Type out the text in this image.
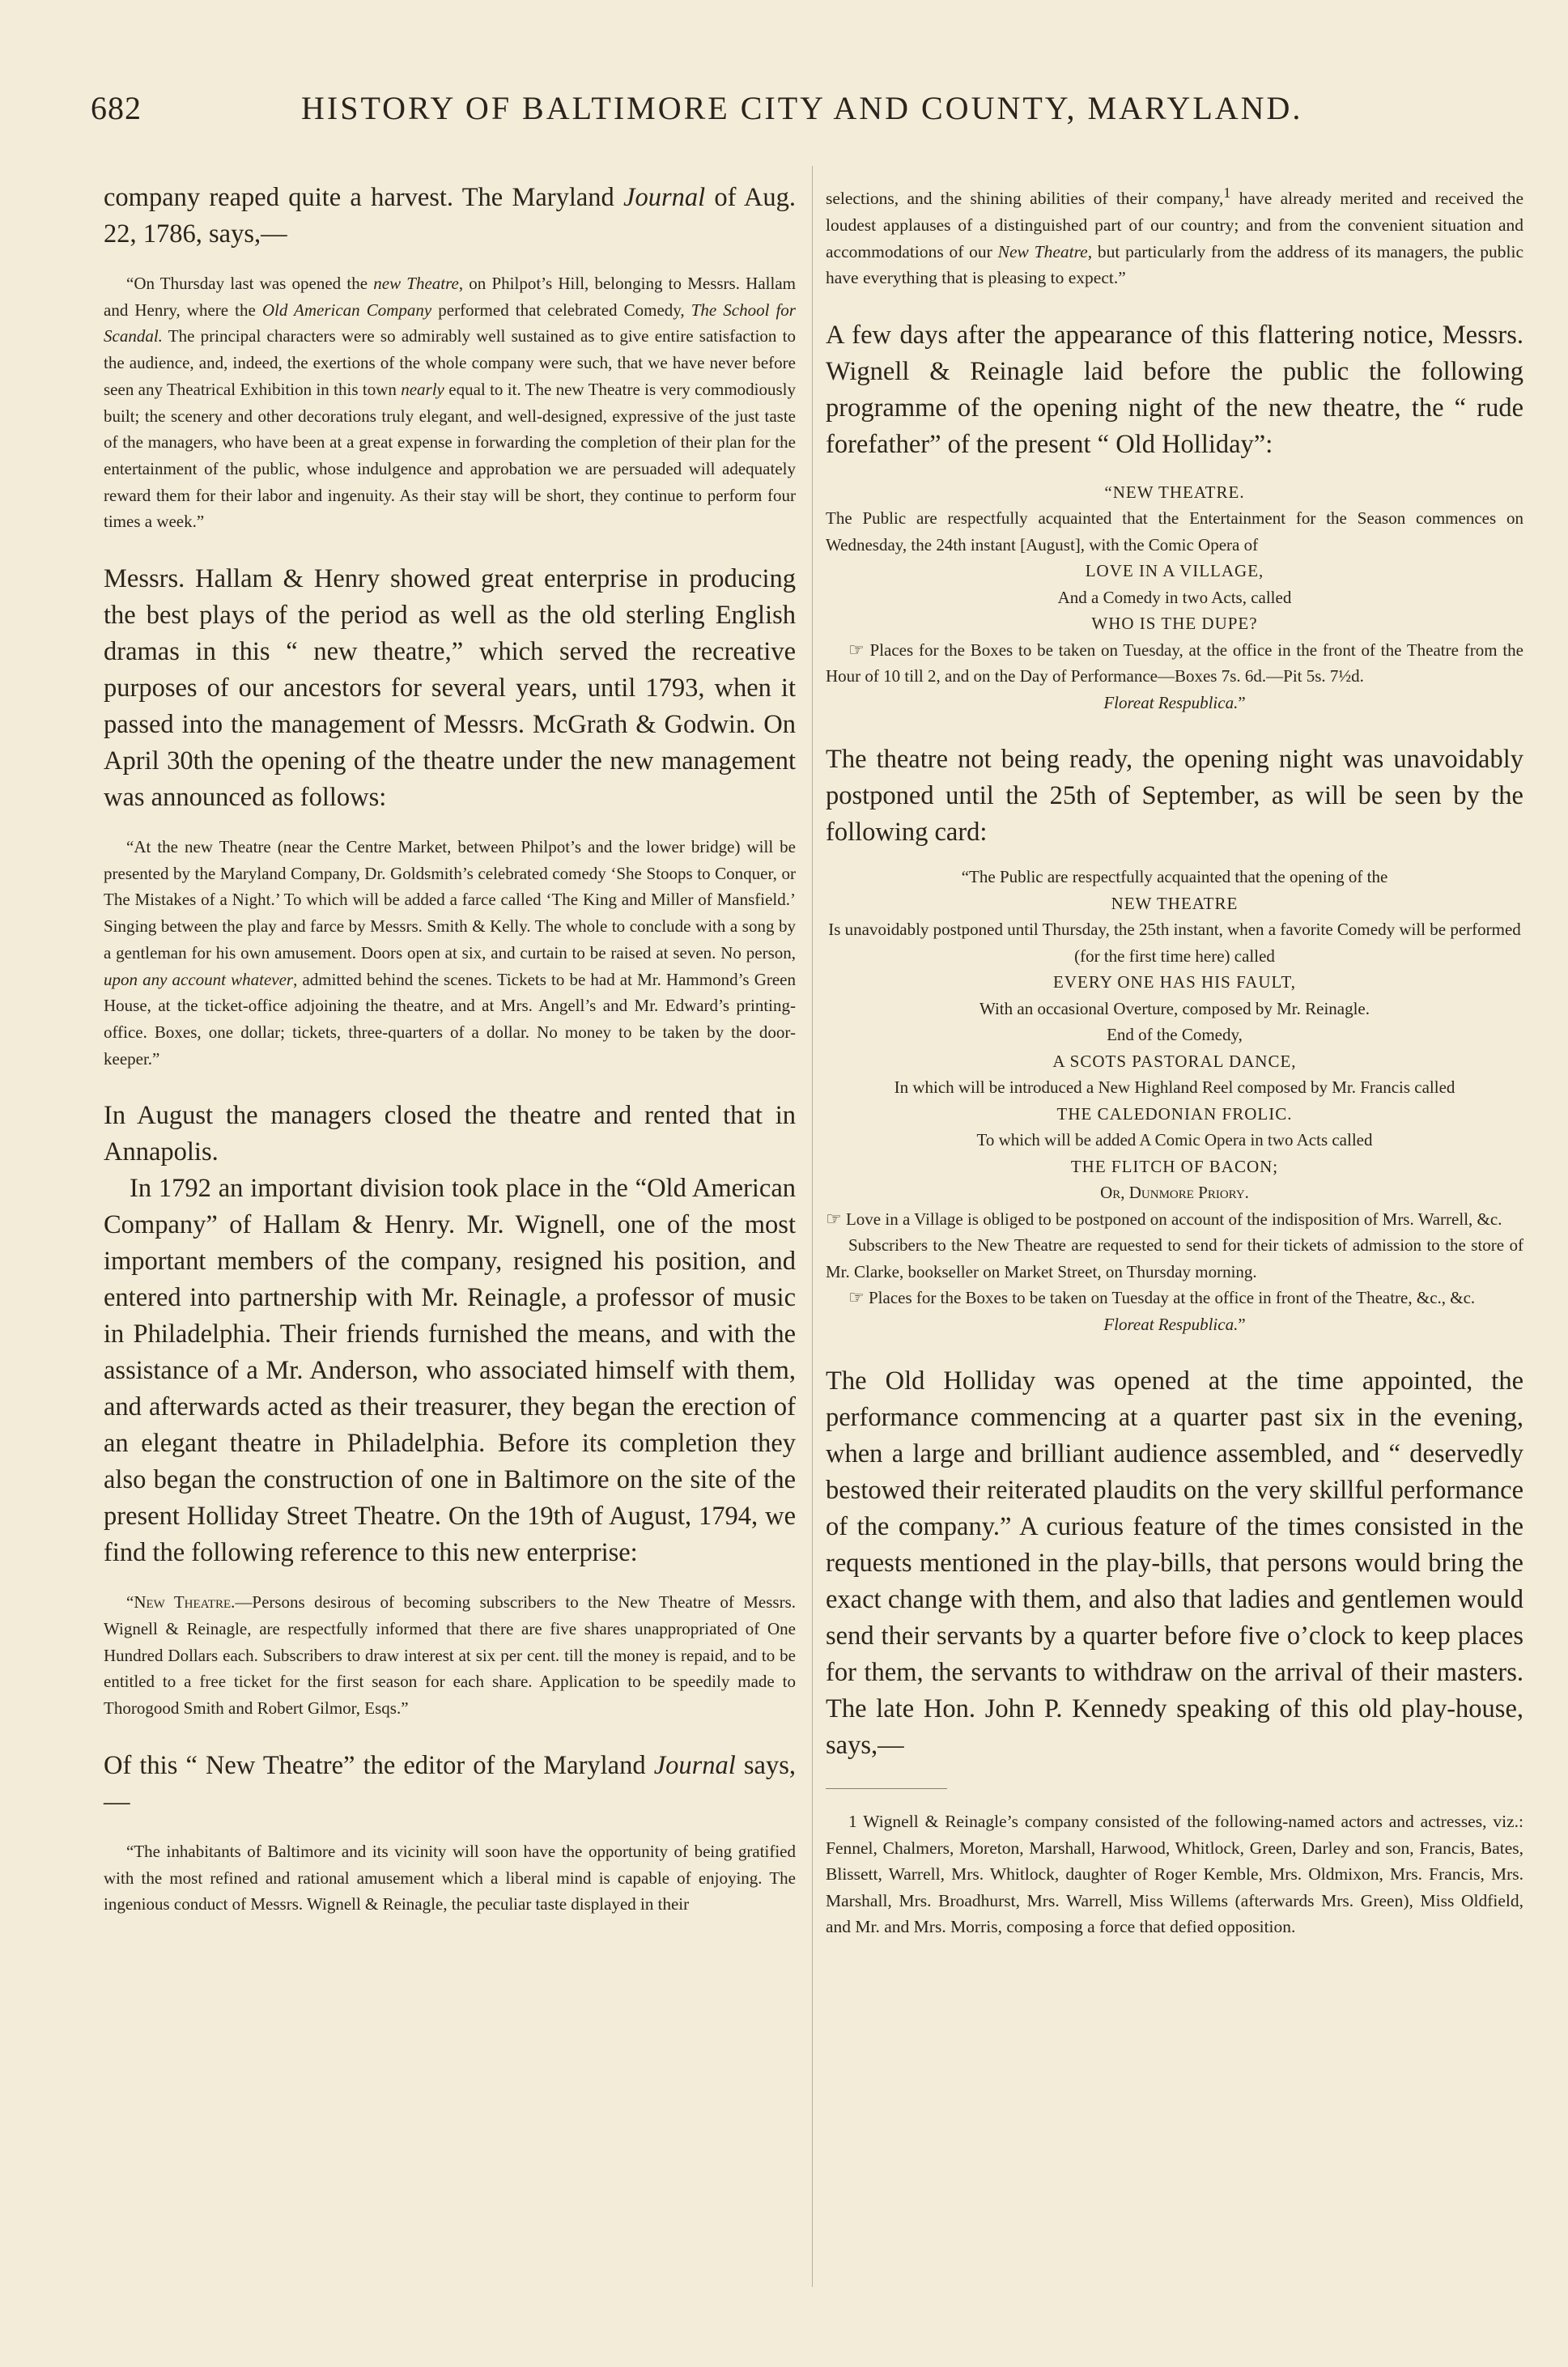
682	HISTORY OF BALTIMORE CITY AND COUNTY, MARYLAND.

company reaped quite a harvest. The Maryland Journal of Aug. 22, 1786, says,—

“On Thursday last was opened the new Theatre, on Philpot’s Hill, belonging to Messrs. Hallam and Henry, where the Old American Company performed that celebrated Comedy, The School for Scandal. The principal characters were so admirably well sustained as to give entire satisfaction to the audience, and, indeed, the exertions of the whole company were such, that we have never before seen any Theatrical Exhibition in this town nearly equal to it. The new Theatre is very commodiously built; the scenery and other decorations truly elegant, and well-designed, expressive of the just taste of the managers, who have been at a great expense in forwarding the completion of their plan for the entertainment of the public, whose indulgence and approbation we are persuaded will adequately reward them for their labor and ingenuity. As their stay will be short, they continue to perform four times a week.”

Messrs. Hallam & Henry showed great enterprise in producing the best plays of the period as well as the old sterling English dramas in this “ new theatre,” which served the recreative purposes of our ancestors for several years, until 1793, when it passed into the management of Messrs. McGrath & Godwin. On April 30th the opening of the theatre under the new management was announced as follows:

“At the new Theatre (near the Centre Market, between Philpot’s and the lower bridge) will be presented by the Maryland Company, Dr. Goldsmith’s celebrated comedy ‘She Stoops to Conquer, or The Mistakes of a Night.’ To which will be added a farce called ‘The King and Miller of Mansfield.’ Singing between the play and farce by Messrs. Smith & Kelly. The whole to conclude with a song by a gentleman for his own amusement. Doors open at six, and curtain to be raised at seven. No person, upon any account whatever, admitted behind the scenes. Tickets to be had at Mr. Hammond’s Green House, at the ticket-office adjoining the theatre, and at Mrs. Angell’s and Mr. Edward’s printing-office. Boxes, one dollar; tickets, three-quarters of a dollar. No money to be taken by the door-keeper.”

In August the managers closed the theatre and rented that in Annapolis.

In 1792 an important division took place in the “Old American Company” of Hallam & Henry. Mr. Wignell, one of the most important members of the company, resigned his position, and entered into partnership with Mr. Reinagle, a professor of music in Philadelphia. Their friends furnished the means, and with the assistance of a Mr. Anderson, who associated himself with them, and afterwards acted as their treasurer, they began the erection of an elegant theatre in Philadelphia. Before its completion they also began the construction of one in Baltimore on the site of the present Holliday Street Theatre. On the 19th of August, 1794, we find the following reference to this new enterprise:

“New Theatre.—Persons desirous of becoming subscribers to the New Theatre of Messrs. Wignell & Reinagle, are respectfully informed that there are five shares unappropriated of One Hundred Dollars each. Subscribers to draw interest at six per cent. till the money is repaid, and to be entitled to a free ticket for the first season for each share. Application to be speedily made to Thorogood Smith and Robert Gilmor, Esqs.”

Of this “ New Theatre” the editor of the Maryland Journal says,—

“The inhabitants of Baltimore and its vicinity will soon have the opportunity of being gratified with the most refined and rational amusement which a liberal mind is capable of enjoying. The ingenious conduct of Messrs. Wignell & Reinagle, the peculiar taste displayed in their

selections, and the shining abilities of their company,$^1$ have already merited and received the loudest applauses of a distinguished part of our country; and from the convenient situation and accommodations of our New Theatre, but particularly from the address of its managers, the public have everything that is pleasing to expect.”

A few days after the appearance of this flattering notice, Messrs. Wignell & Reinagle laid before the public the following programme of the opening night of the new theatre, the “ rude forefather” of the present “ Old Holliday”:

“NEW THEATRE.

The Public are respectfully acquainted that the Entertainment for the Season commences on Wednesday, the 24th instant [August], with the Comic Opera of

LOVE IN A VILLAGE,

And a Comedy in two Acts, called

WHO IS THE DUPE?

☞ Places for the Boxes to be taken on Tuesday, at the office in the front of the Theatre from the Hour of 10 till 2, and on the Day of Performance—Boxes 7s. 6d.—Pit 5s. 7½d.

Floreat Respublica.”

The theatre not being ready, the opening night was unavoidably postponed until the 25th of September, as will be seen by the following card:

“The Public are respectfully acquainted that the opening of the

NEW THEATRE

Is unavoidably postponed until Thursday, the 25th instant, when a favorite Comedy will be performed (for the first time here) called

EVERY ONE HAS HIS FAULT,

With an occasional Overture, composed by Mr. Reinagle.

End of the Comedy,

A SCOTS PASTORAL DANCE,

In which will be introduced a New Highland Reel composed by Mr. Francis called

THE CALEDONIAN FROLIC.

To which will be added A Comic Opera in two Acts called

THE FLITCH OF BACON;

Or, Dunmore Priory.

☞ Love in a Village is obliged to be postponed on account of the indisposition of Mrs. Warrell, &c.

Subscribers to the New Theatre are requested to send for their tickets of admission to the store of Mr. Clarke, bookseller on Market Street, on Thursday morning.

☞ Places for the Boxes to be taken on Tuesday at the office in front of the Theatre, &c., &c.

Floreat Respublica.”

The Old Holliday was opened at the time appointed, the performance commencing at a quarter past six in the evening, when a large and brilliant audience assembled, and “ deservedly bestowed their reiterated plaudits on the very skillful performance of the company.” A curious feature of the times consisted in the requests mentioned in the play-bills, that persons would bring the exact change with them, and also that ladies and gentlemen would send their servants by a quarter before five o’clock to keep places for them, the servants to withdraw on the arrival of their masters. The late Hon. John P. Kennedy speaking of this old play-house, says,—

1 Wignell & Reinagle’s company consisted of the following-named actors and actresses, viz.: Fennel, Chalmers, Moreton, Marshall, Harwood, Whitlock, Green, Darley and son, Francis, Bates, Blissett, Warrell, Mrs. Whitlock, daughter of Roger Kemble, Mrs. Oldmixon, Mrs. Francis, Mrs. Marshall, Mrs. Broadhurst, Mrs. Warrell, Miss Willems (afterwards Mrs. Green), Miss Oldfield, and Mr. and Mrs. Morris, composing a force that defied opposition.
